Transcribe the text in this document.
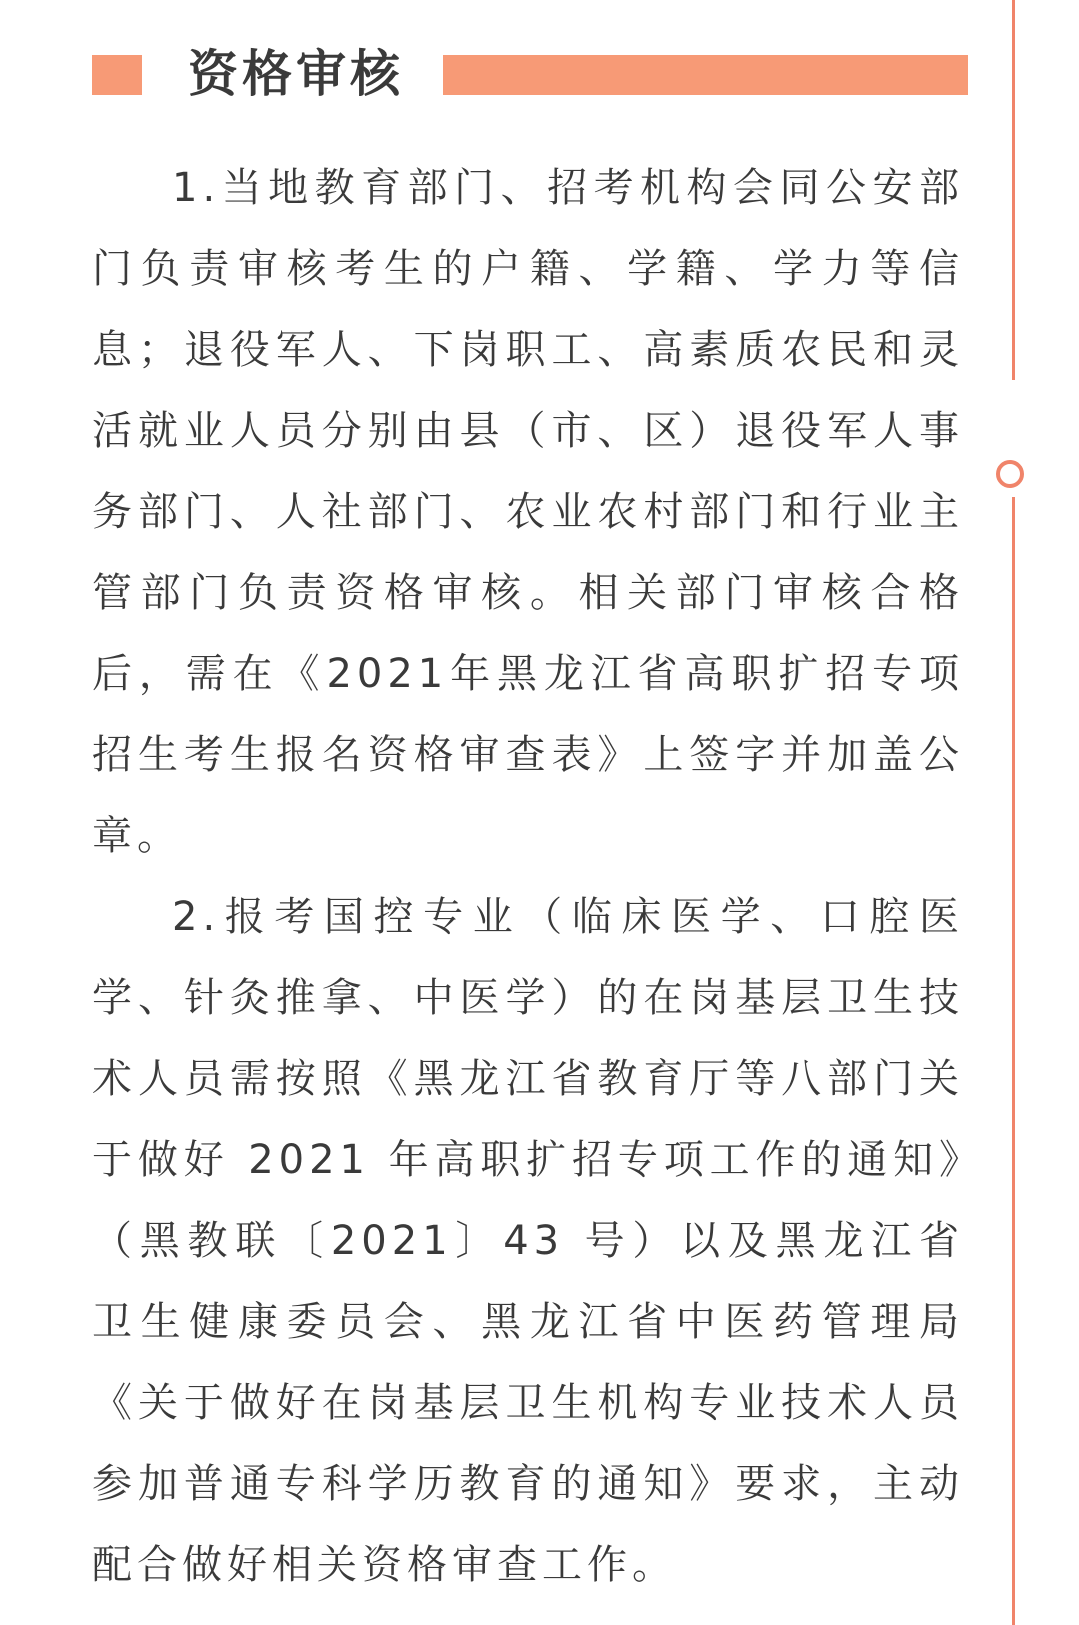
资格审核

1.当地教育部门、招考机构会同公安部门负责审核考生的户籍、学籍、学力等信息；退役军人、下岗职工、高素质农民和灵活就业人员分别由县（市、区）退役军人事务部门、人社部门、农业农村部门和行业主管部门负责资格审核。相关部门审核合格后，需在《2021年黑龙江省高职扩招专项招生考生报名资格审查表》上签字并加盖公章。

2.报考国控专业（临床医学、口腔医学、针灸推拿、中医学）的在岗基层卫生技术人员需按照《黑龙江省教育厅等八部门关于做好 2021 年高职扩招专项工作的通知》（黑教联〔2021〕43 号）以及黑龙江省卫生健康委员会、黑龙江省中医药管理局《关于做好在岗基层卫生机构专业技术人员参加普通专科学历教育的通知》要求，主动配合做好相关资格审查工作。
